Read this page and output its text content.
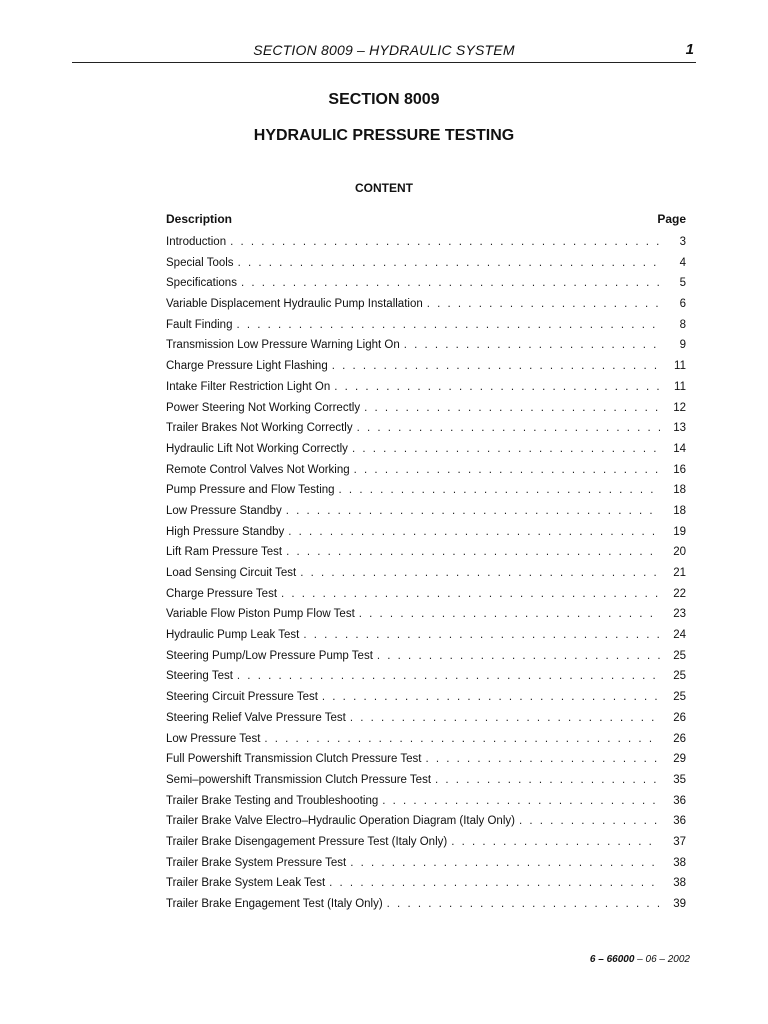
SECTION 8009 – HYDRAULIC SYSTEM	1
SECTION 8009
HYDRAULIC PRESSURE TESTING
CONTENT
Description	Page
Introduction . . .	3
Special Tools . . .	4
Specifications . . .	5
Variable Displacement Hydraulic Pump Installation . . .	6
Fault Finding . . .	8
Transmission Low Pressure Warning Light On . . .	9
Charge Pressure Light Flashing . . .	11
Intake Filter Restriction Light On . . .	11
Power Steering Not Working Correctly . . .	12
Trailer Brakes Not Working Correctly . . .	13
Hydraulic Lift Not Working Correctly . . .	14
Remote Control Valves Not Working . . .	16
Pump Pressure and Flow Testing . . .	18
Low Pressure Standby . . .	18
High Pressure Standby . . .	19
Lift Ram Pressure Test . . .	20
Load Sensing Circuit Test . . .	21
Charge Pressure Test . . .	22
Variable Flow Piston Pump Flow Test . . .	23
Hydraulic Pump Leak Test . . .	24
Steering Pump/Low Pressure Pump Test . . .	25
Steering Test . . .	25
Steering Circuit Pressure Test . . .	25
Steering Relief Valve Pressure Test . . .	26
Low Pressure Test . . .	26
Full Powershift Transmission Clutch Pressure Test . . .	29
Semi–powershift Transmission Clutch Pressure Test . . .	35
Trailer Brake Testing and Troubleshooting . . .	36
Trailer Brake Valve Electro–Hydraulic Operation Diagram (Italy Only) . . .	36
Trailer Brake Disengagement Pressure Test (Italy Only) . . .	37
Trailer Brake System Pressure Test . . .	38
Trailer Brake System Leak Test . . .	38
Trailer Brake Engagement Test (Italy Only) . . .	39
6 – 66000 – 06 – 2002
